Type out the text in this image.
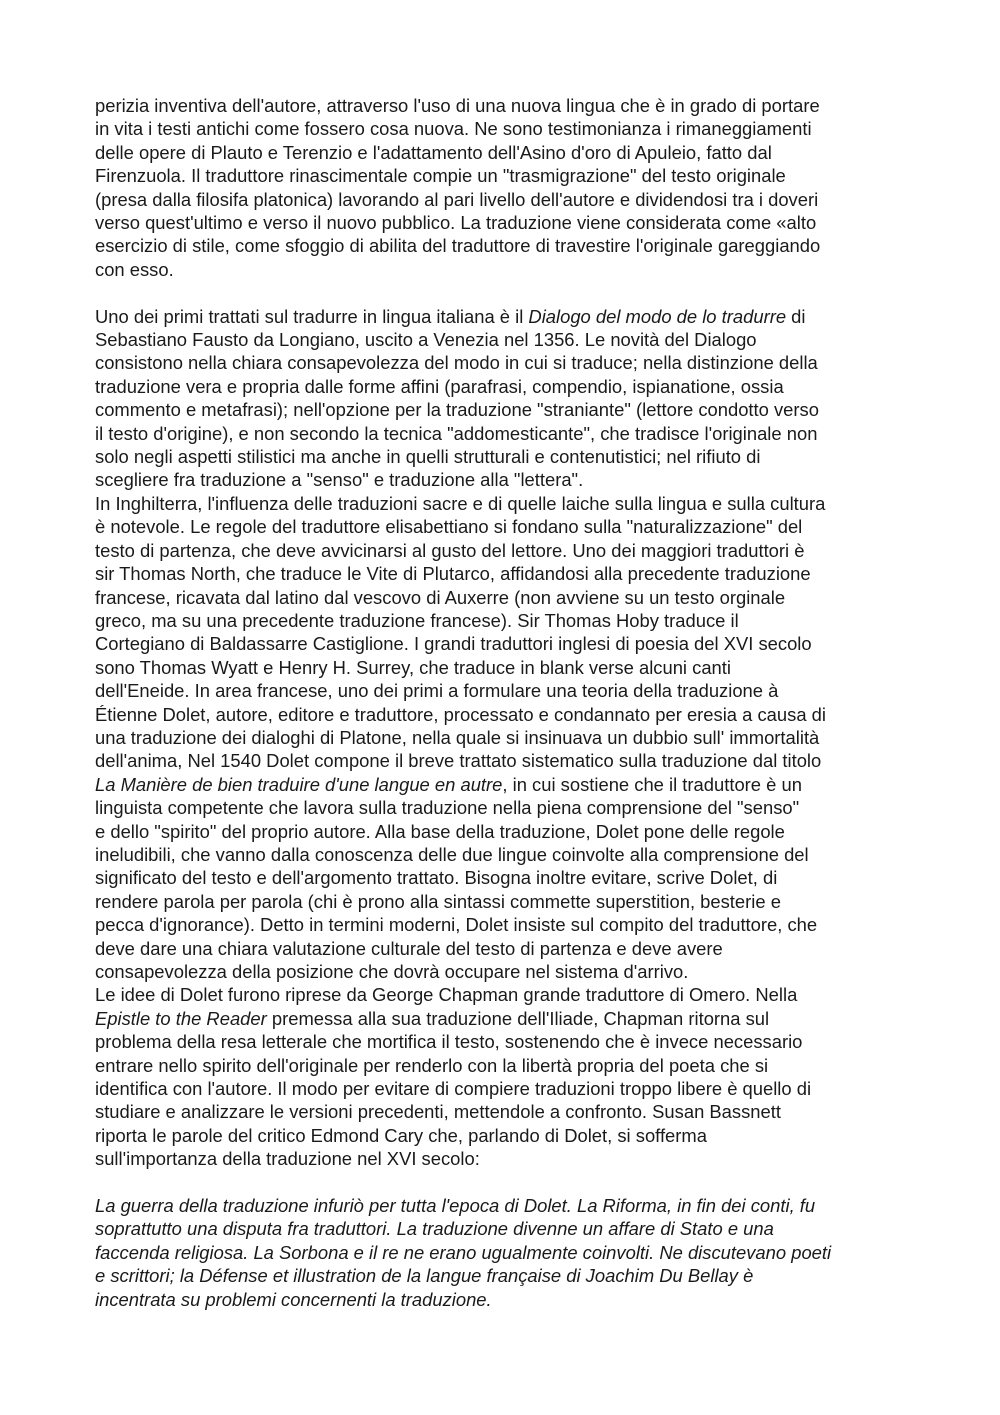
perizia inventiva dell'autore, attraverso l'uso di una nuova lingua che è in grado di portare
in vita i testi antichi come fossero cosa nuova. Ne sono testimonianza i rimaneggiamenti
delle opere di Plauto e Terenzio e l'adattamento dell'Asino d'oro di Apuleio, fatto dal
Firenzuola. Il traduttore rinascimentale compie un "trasmigrazione" del testo originale
(presa dalla filosifa platonica) lavorando al pari livello dell'autore e dividendosi tra i doveri
verso quest'ultimo e verso il nuovo pubblico. La traduzione viene considerata come «alto
esercizio di stile, come sfoggio di abilita del traduttore di travestire l'originale gareggiando
con esso.

Uno dei primi trattati sul tradurre in lingua italiana è il Dialogo del modo de lo tradurre di
Sebastiano Fausto da Longiano, uscito a Venezia nel 1356. Le novità del Dialogo
consistono nella chiara consapevolezza del modo in cui si traduce; nella distinzione della
traduzione vera e propria dalle forme affini (parafrasi, compendio, ispianatione, ossia
commento e metafrasi); nell'opzione per la traduzione "straniante" (lettore condotto verso
il testo d'origine), e non secondo la tecnica "addomesticante", che tradisce l'originale non
solo negli aspetti stilistici ma anche in quelli strutturali e contenutistici; nel rifiuto di
scegliere fra traduzione a "senso" e traduzione alla "lettera".

In Inghilterra, l'influenza delle traduzioni sacre e di quelle laiche sulla lingua e sulla cultura
è notevole. Le regole del traduttore elisabettiano si fondano sulla "naturalizzazione" del
testo di partenza, che deve avvicinarsi al gusto del lettore. Uno dei maggiori traduttori è
sir Thomas North, che traduce le Vite di Plutarco, affidandosi alla precedente traduzione
francese, ricavata dal latino dal vescovo di Auxerre (non avviene su un testo orginale
greco, ma su una precedente traduzione francese). Sir Thomas Hoby traduce il
Cortegiano di Baldassarre Castiglione. I grandi traduttori inglesi di poesia del XVI secolo
sono Thomas Wyatt e Henry H. Surrey, che traduce in blank verse alcuni canti
dell'Eneide. In area francese, uno dei primi a formulare una teoria della traduzione à
Étienne Dolet, autore, editore e traduttore, processato e condannato per eresia a causa di
una traduzione dei dialoghi di Platone, nella quale si insinuava un dubbio sull' immortalità
dell'anima, Nel 1540 Dolet compone il breve trattato sistematico sulla traduzione dal titolo
La Manière de bien traduire d'une langue en autre, in cui sostiene che il traduttore è un
linguista competente che lavora sulla traduzione nella piena comprensione del "senso"
e dello "spirito" del proprio autore. Alla base della traduzione, Dolet pone delle regole
ineludibili, che vanno dalla conoscenza delle due lingue coinvolte alla comprensione del
significato del testo e dell'argomento trattato. Bisogna inoltre evitare, scrive Dolet, di
rendere parola per parola (chi è prono alla sintassi commette superstition, besterie e
pecca d'ignorance). Detto in termini moderni, Dolet insiste sul compito del traduttore, che
deve dare una chiara valutazione culturale del testo di partenza e deve avere
consapevolezza della posizione che dovrà occupare nel sistema d'arrivo.

Le idee di Dolet furono riprese da George Chapman grande traduttore di Omero. Nella
Epistle to the Reader premessa alla sua traduzione dell'Iliade, Chapman ritorna sul
problema della resa letterale che mortifica il testo, sostenendo che è invece necessario
entrare nello spirito dell'originale per renderlo con la libertà propria del poeta che si
identifica con l'autore. Il modo per evitare di compiere traduzioni troppo libere è quello di
studiare e analizzare le versioni precedenti, mettendole a confronto. Susan Bassnett
riporta le parole del critico Edmond Cary che, parlando di Dolet, si sofferma
sull'importanza della traduzione nel XVI secolo:

La guerra della traduzione infuriò per tutta l'epoca di Dolet. La Riforma, in fin dei conti, fu
soprattutto una disputa fra traduttori. La traduzione divenne un affare di Stato e una
faccenda religiosa. La Sorbona e il re ne erano ugualmente coinvolti. Ne discutevano poeti
e scrittori; la Défense et illustration de la langue française di Joachim Du Bellay è
incentrata su problemi concernenti la traduzione.
